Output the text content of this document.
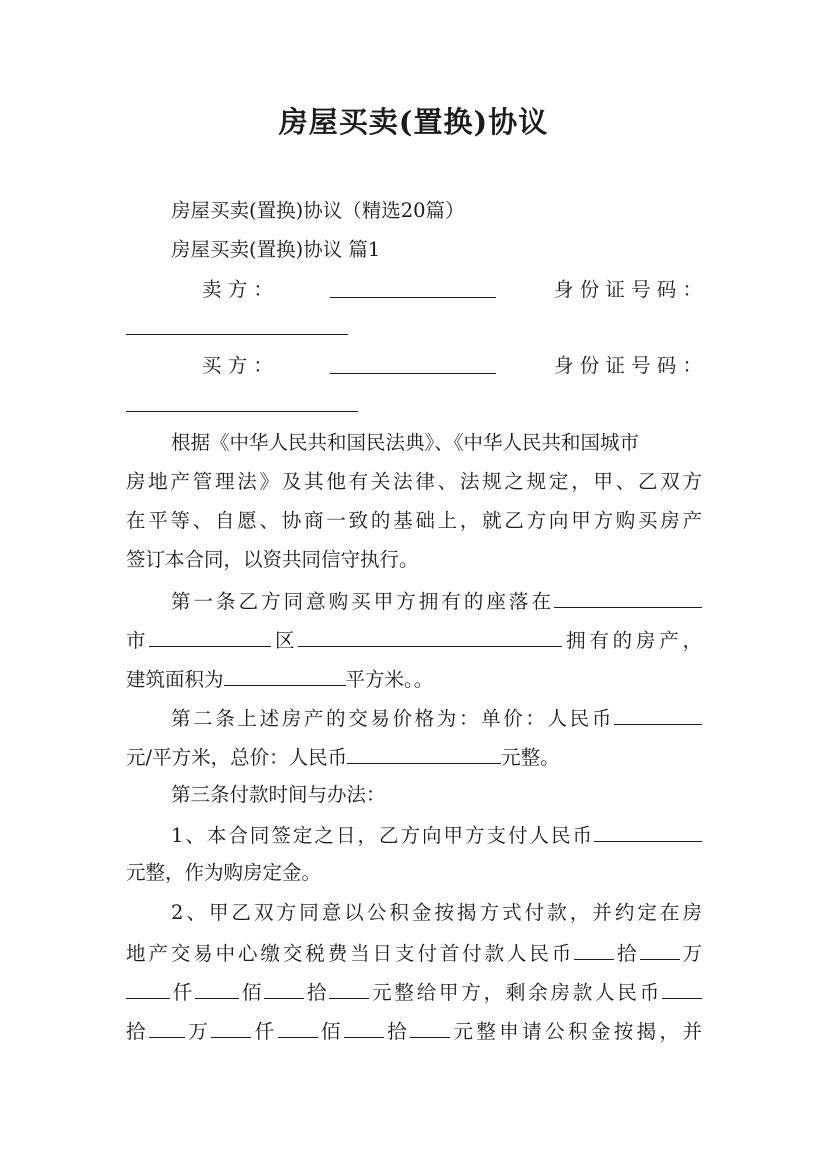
房屋买卖(置换)协议
房屋买卖(置换)协议（精选20篇）
房屋买卖(置换)协议 篇1
卖 方 ：	身 份 证 号 码 ：
买 方 ：	身 份 证 号 码 ：
根据《中华人民共和国民法典》、《中华人民共和国城市
房地产管理法》及其他有关法律、法规之规定，甲、乙双方
在平等、自愿、协商一致的基础上，就乙方向甲方购买房产
签订本合同，以资共同信守执行。
第一条乙方同意购买甲方拥有的座落在
市	区	拥有的房产，
建筑面积为	平方米。。
第二条上述房产的交易价格为：单价：人民币
元/平方米，总价：人民币	元整。
第三条付款时间与办法：
1、本合同签定之日，乙方向甲方支付人民币
元整，作为购房定金。
2、甲乙双方同意以公积金按揭方式付款，并约定在房
地产交易中心缴交税费当日支付首付款人民币 拾 万
仟 佰 拾 元整给甲方，剩余房款人民币
拾 万 仟 佰 拾 元整申请公积金按揭，并
